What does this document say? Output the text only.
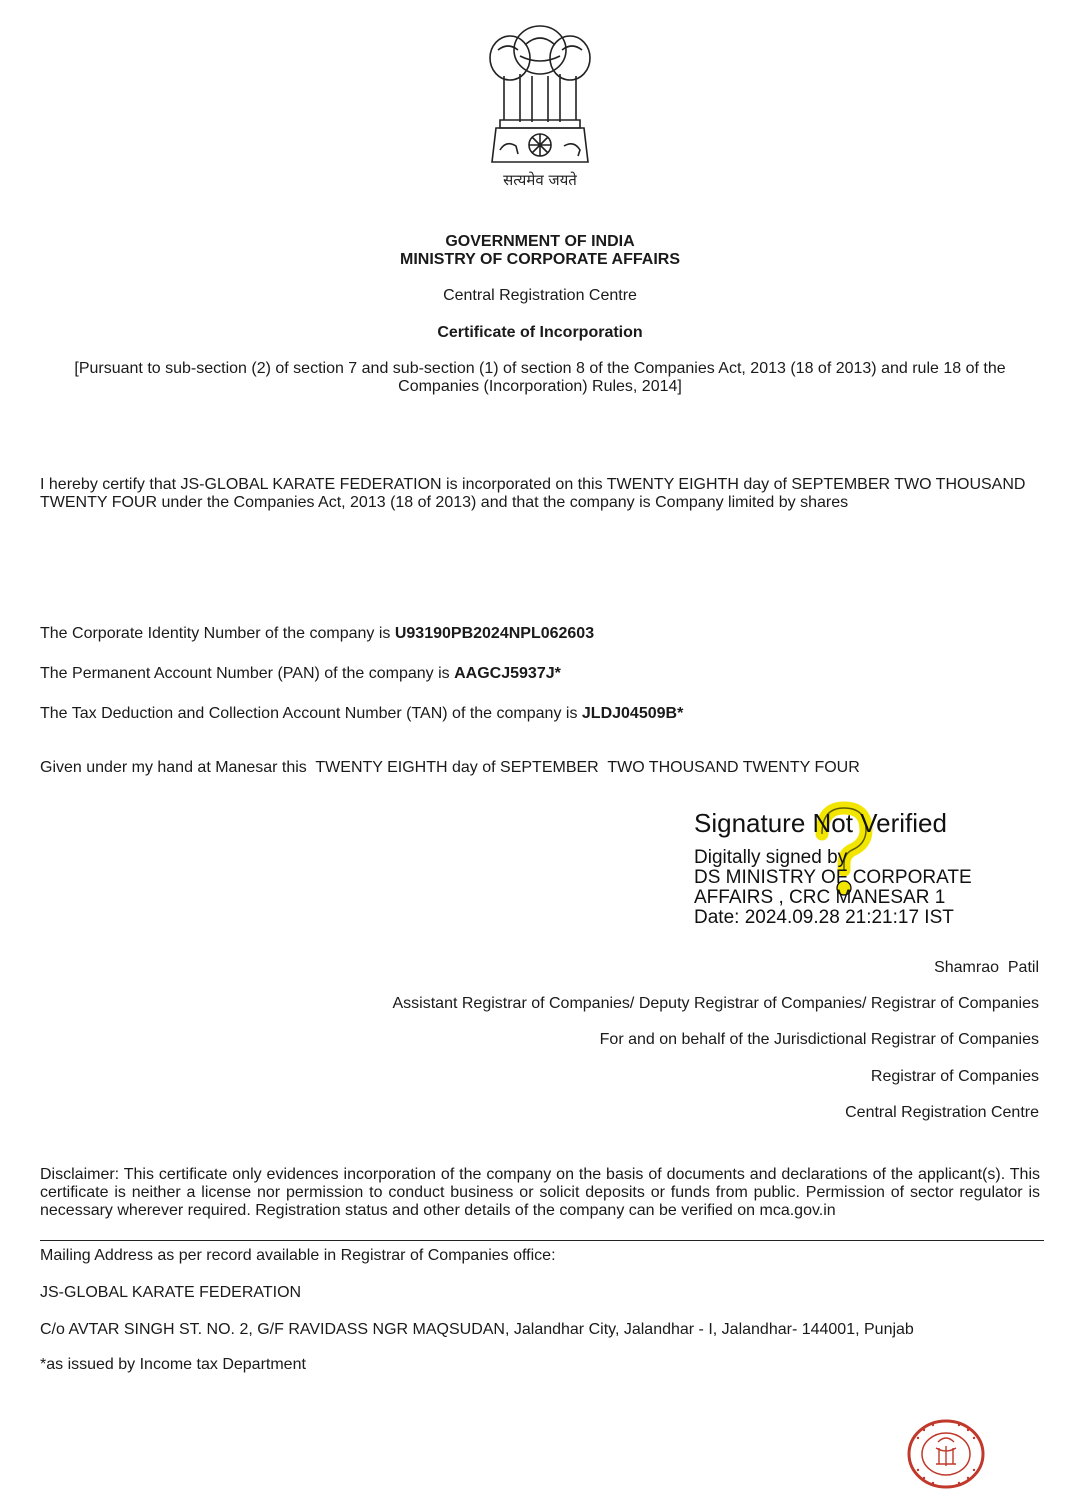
सत्यमेव जयते
GOVERNMENT OF INDIA
MINISTRY OF CORPORATE AFFAIRS
Central Registration Centre
Certificate of Incorporation
[Pursuant to sub-section (2) of section 7 and sub-section (1) of section 8 of the Companies Act, 2013 (18 of 2013) and rule 18 of the Companies (Incorporation) Rules, 2014]
I hereby certify that JS-GLOBAL KARATE FEDERATION is incorporated on this TWENTY EIGHTH day of SEPTEMBER TWO THOUSAND TWENTY FOUR under the Companies Act, 2013 (18 of 2013) and that the company is Company limited by shares
The Corporate Identity Number of the company is U93190PB2024NPL062603
The Permanent Account Number (PAN) of the company is AAGCJ5937J*
The Tax Deduction and Collection Account Number (TAN) of the company is JLDJ04509B*
Given under my hand at Manesar this  TWENTY EIGHTH day of SEPTEMBER  TWO THOUSAND TWENTY FOUR
Signature Not Verified
Digitally signed by
DS MINISTRY OF CORPORATE
AFFAIRS , CRC MANESAR 1
Date: 2024.09.28 21:21:17 IST
Shamrao  Patil
Assistant Registrar of Companies/ Deputy Registrar of Companies/ Registrar of Companies
For and on behalf of the Jurisdictional Registrar of Companies
Registrar of Companies
Central Registration Centre
Disclaimer: This certificate only evidences incorporation of the company on the basis of documents and declarations of the applicant(s). This certificate is neither a license nor permission to conduct business or solicit deposits or funds from public. Permission of sector regulator is necessary wherever required. Registration status and other details of the company can be verified on mca.gov.in
Mailing Address as per record available in Registrar of Companies office:
JS-GLOBAL KARATE FEDERATION
C/o AVTAR SINGH ST. NO. 2, G/F RAVIDASS NGR MAQSUDAN, Jalandhar City, Jalandhar - I, Jalandhar- 144001, Punjab
*as issued by Income tax Department
